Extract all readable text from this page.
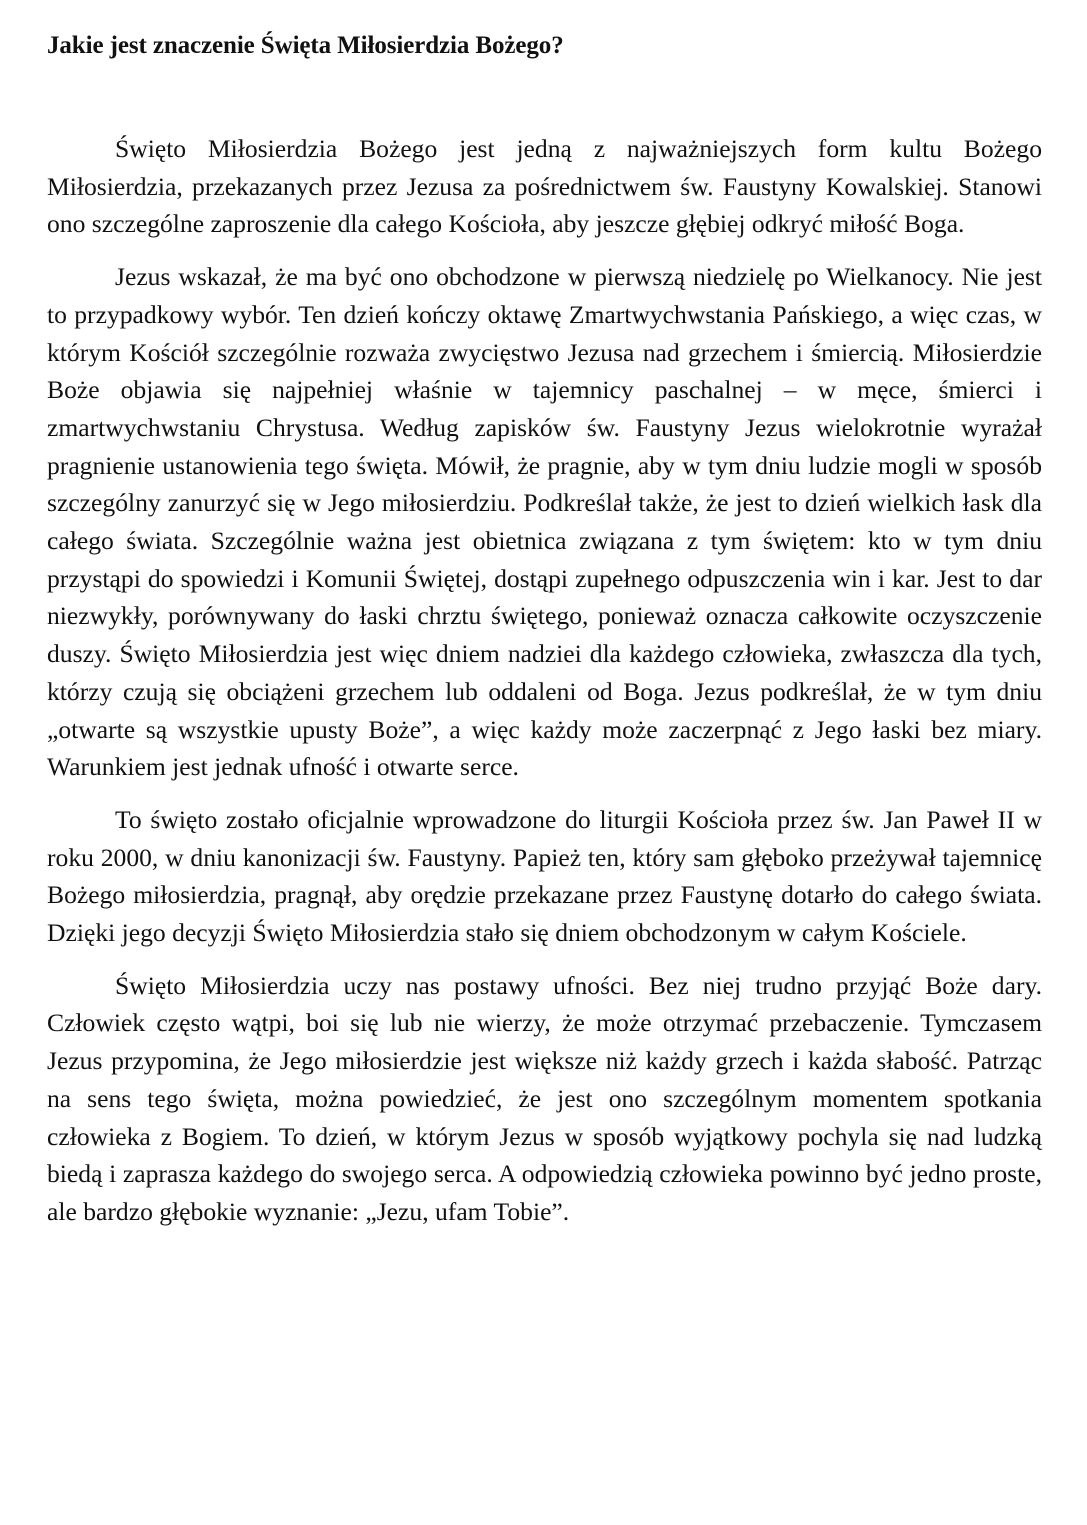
Jakie jest znaczenie Święta Miłosierdzia Bożego?

Święto Miłosierdzia Bożego jest jedną z najważniejszych form kultu Bożego Miłosierdzia, przekazanych przez Jezusa za pośrednictwem św. Faustyny Kowalskiej. Stanowi ono szczególne zaproszenie dla całego Kościoła, aby jeszcze głębiej odkryć miłość Boga.

Jezus wskazał, że ma być ono obchodzone w pierwszą niedzielę po Wielkanocy. Nie jest to przypadkowy wybór. Ten dzień kończy oktawę Zmartwychwstania Pańskiego, a więc czas, w którym Kościół szczególnie rozważa zwycięstwo Jezusa nad grzechem i śmiercią. Miłosierdzie Boże objawia się najpełniej właśnie w tajemnicy paschalnej – w męce, śmierci i zmartwychwstaniu Chrystusa. Według zapisków św. Faustyny Jezus wielokrotnie wyrażał pragnienie ustanowienia tego święta. Mówił, że pragnie, aby w tym dniu ludzie mogli w sposób szczególny zanurzyć się w Jego miłosierdziu. Podkreślał także, że jest to dzień wielkich łask dla całego świata. Szczególnie ważna jest obietnica związana z tym świętem: kto w tym dniu przystąpi do spowiedzi i Komunii Świętej, dostąpi zupełnego odpuszczenia win i kar. Jest to dar niezwykły, porównywany do łaski chrztu świętego, ponieważ oznacza całkowite oczyszczenie duszy. Święto Miłosierdzia jest więc dniem nadziei dla każdego człowieka, zwłaszcza dla tych, którzy czują się obciążeni grzechem lub oddaleni od Boga. Jezus podkreślał, że w tym dniu „otwarte są wszystkie upusty Boże”, a więc każdy może zaczerpnąć z Jego łaski bez miary. Warunkiem jest jednak ufność i otwarte serce.

To święto zostało oficjalnie wprowadzone do liturgii Kościoła przez św. Jan Paweł II w roku 2000, w dniu kanonizacji św. Faustyny. Papież ten, który sam głęboko przeżywał tajemnicę Bożego miłosierdzia, pragnął, aby orędzie przekazane przez Faustynę dotarło do całego świata. Dzięki jego decyzji Święto Miłosierdzia stało się dniem obchodzonym w całym Kościele.

Święto Miłosierdzia uczy nas postawy ufności. Bez niej trudno przyjąć Boże dary. Człowiek często wątpi, boi się lub nie wierzy, że może otrzymać przebaczenie. Tymczasem Jezus przypomina, że Jego miłosierdzie jest większe niż każdy grzech i każda słabość. Patrząc na sens tego święta, można powiedzieć, że jest ono szczególnym momentem spotkania człowieka z Bogiem. To dzień, w którym Jezus w sposób wyjątkowy pochyla się nad ludzką biedą i zaprasza każdego do swojego serca. A odpowiedzią człowieka powinno być jedno proste, ale bardzo głębokie wyznanie: „Jezu, ufam Tobie”.
